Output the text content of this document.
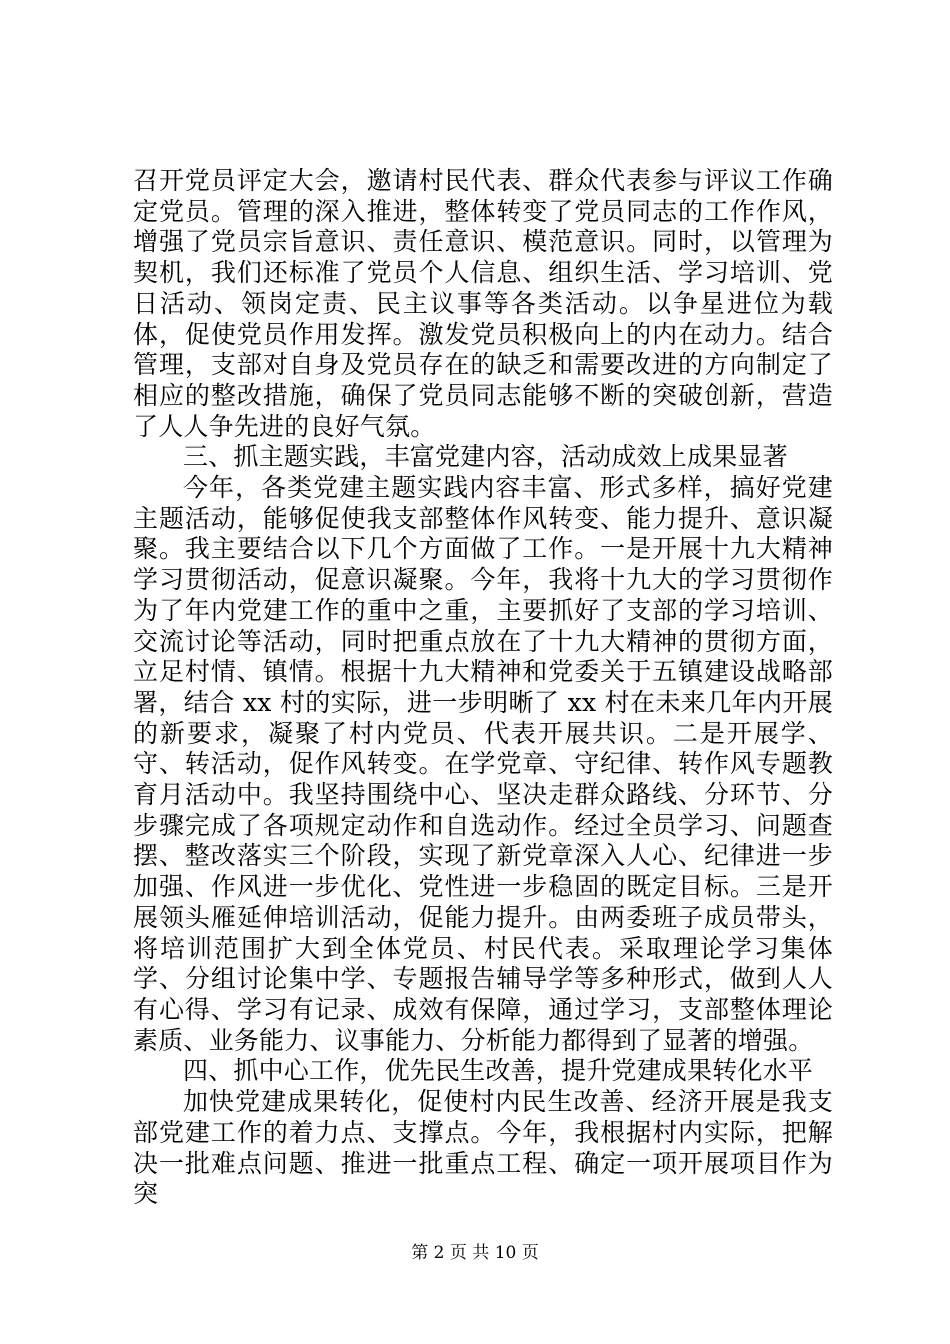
召开党员评定大会，邀请村民代表、群众代表参与评议工作确定党员。管理的深入推进，整体转变了党员同志的工作作风，增强了党员宗旨意识、责任意识、模范意识。同时，以管理为契机，我们还标准了党员个人信息、组织生活、学习培训、党日活动、领岗定责、民主议事等各类活动。以争星进位为载体，促使党员作用发挥。激发党员积极向上的内在动力。结合管理，支部对自身及党员存在的缺乏和需要改进的方向制定了相应的整改措施，确保了党员同志能够不断的突破创新，营造了人人争先进的良好气氛。

三、抓主题实践，丰富党建内容，活动成效上成果显著

今年，各类党建主题实践内容丰富、形式多样，搞好党建主题活动，能够促使我支部整体作风转变、能力提升、意识凝聚。我主要结合以下几个方面做了工作。一是开展十九大精神学习贯彻活动，促意识凝聚。今年，我将十九大的学习贯彻作为了年内党建工作的重中之重，主要抓好了支部的学习培训、交流讨论等活动，同时把重点放在了十九大精神的贯彻方面，立足村情、镇情。根据十九大精神和党委关于五镇建设战略部署，结合 xx 村的实际，进一步明晰了 xx 村在未来几年内开展的新要求，凝聚了村内党员、代表开展共识。二是开展学、守、转活动，促作风转变。在学党章、守纪律、转作风专题教育月活动中。我坚持围绕中心、坚决走群众路线、分环节、分步骤完成了各项规定动作和自选动作。经过全员学习、问题查摆、整改落实三个阶段，实现了新党章深入人心、纪律进一步加强、作风进一步优化、党性进一步稳固的既定目标。三是开展领头雁延伸培训活动，促能力提升。由两委班子成员带头，将培训范围扩大到全体党员、村民代表。采取理论学习集体学、分组讨论集中学、专题报告辅导学等多种形式，做到人人有心得、学习有记录、成效有保障，通过学习，支部整体理论素质、业务能力、议事能力、分析能力都得到了显著的增强。

四、抓中心工作，优先民生改善，提升党建成果转化水平

加快党建成果转化，促使村内民生改善、经济开展是我支部党建工作的着力点、支撑点。今年，我根据村内实际，把解决一批难点问题、推进一批重点工程、确定一项开展项目作为突

第 2 页 共 10 页
